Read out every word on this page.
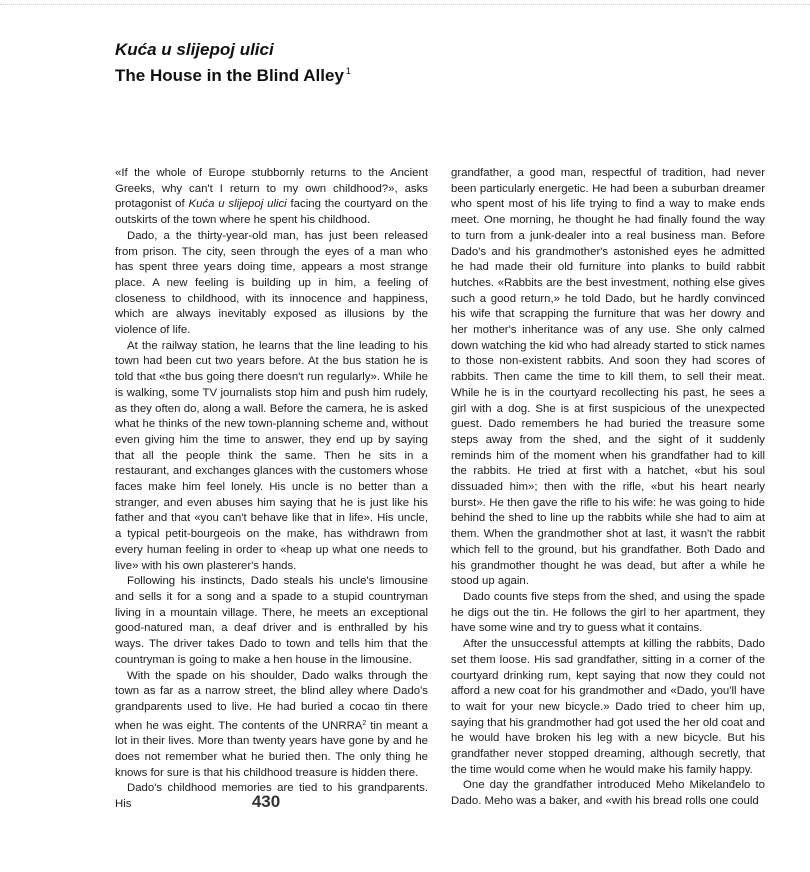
Kuća u slijepoj ulici
The House in the Blind Alley $^1$

«If the whole of Europe stubbornly returns to the Ancient Greeks, why can't I return to my own childhood?», asks protagonist of Kuća u slijepoj ulici facing the courtyard on the outskirts of the town where he spent his childhood.

Dado, a the thirty-year-old man, has just been released from prison. The city, seen through the eyes of a man who has spent three years doing time, appears a most strange place. A new feeling is building up in him, a feeling of closeness to childhood, with its innocence and happiness, which are always inevitably exposed as illusions by the violence of life.

At the railway station, he learns that the line leading to his town had been cut two years before. At the bus station he is told that «the bus going there doesn't run regularly». While he is walking, some TV journalists stop him and push him rudely, as they often do, along a wall. Before the camera, he is asked what he thinks of the new town-planning scheme and, without even giving him the time to answer, they end up by saying that all the people think the same. Then he sits in a restaurant, and exchanges glances with the customers whose faces make him feel lonely. His uncle is no better than a stranger, and even abuses him saying that he is just like his father and that «you can't behave like that in life». His uncle, a typical petit-bourgeois on the make, has withdrawn from every human feeling in order to «heap up what one needs to live» with his own plasterer's hands.

Following his instincts, Dado steals his uncle's limousine and sells it for a song and a spade to a stupid countryman living in a mountain village. There, he meets an exceptional good-natured man, a deaf driver and is enthralled by his ways. The driver takes Dado to town and tells him that the countryman is going to make a hen house in the limousine.

With the spade on his shoulder, Dado walks through the town as far as a narrow street, the blind alley where Dado's grandparents used to live. He had buried a cocao tin there when he was eight. The contents of the UNRRA$^2$ tin meant a lot in their lives. More than twenty years have gone by and he does not remember what he buried then. The only thing he knows for sure is that his childhood treasure is hidden there.

Dado's childhood memories are tied to his grandparents. His

grandfather, a good man, respectful of tradition, had never been particularly energetic. He had been a suburban dreamer who spent most of his life trying to find a way to make ends meet. One morning, he thought he had finally found the way to turn from a junk-dealer into a real business man. Before Dado's and his grandmother's astonished eyes he admitted he had made their old furniture into planks to build rabbit hutches. «Rabbits are the best investment, nothing else gives such a good return,» he told Dado, but he hardly convinced his wife that scrapping the furniture that was her dowry and her mother's inheritance was of any use. She only calmed down watching the kid who had already started to stick names to those non-existent rabbits. And soon they had scores of rabbits. Then came the time to kill them, to sell their meat. While he is in the courtyard recollecting his past, he sees a girl with a dog. She is at first suspicious of the unexpected guest. Dado remembers he had buried the treasure some steps away from the shed, and the sight of it suddenly reminds him of the moment when his grandfather had to kill the rabbits. He tried at first with a hatchet, «but his soul dissuaded him»; then with the rifle, «but his heart nearly burst». He then gave the rifle to his wife: he was going to hide behind the shed to line up the rabbits while she had to aim at them. When the grandmother shot at last, it wasn't the rabbit which fell to the ground, but his grandfather. Both Dado and his grandmother thought he was dead, but after a while he stood up again.

Dado counts five steps from the shed, and using the spade he digs out the tin. He follows the girl to her apartment, they have some wine and try to guess what it contains.

After the unsuccessful attempts at killing the rabbits, Dado set them loose. His sad grandfather, sitting in a corner of the courtyard drinking rum, kept saying that now they could not afford a new coat for his grandmother and «Dado, you'll have to wait for your new bicycle.» Dado tried to cheer him up, saying that his grandmother had got used the her old coat and he would have broken his leg with a new bicycle. But his grandfather never stopped dreaming, although secretly, that the time would come when he would make his family happy.

One day the grandfather introduced Meho Mikelanđelo to Dado. Meho was a baker, and «with his bread rolls one could

430
